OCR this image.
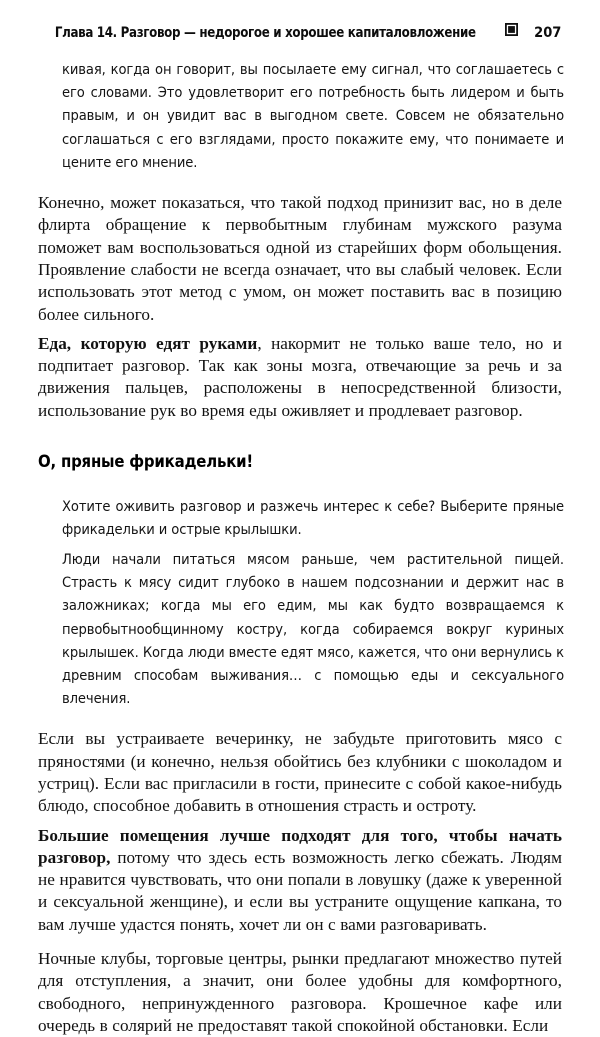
Глава 14. Разговор — недорогое и хорошее капиталовложение	207

кивая, когда он говорит, вы посылаете ему сигнал, что соглашаетесь с его словами. Это удовлетворит его потребность быть лидером и быть правым, и он увидит вас в выгодном свете. Совсем не обязательно соглашаться с его взглядами, просто покажите ему, что понимаете и цените его мнение.

Конечно, может показаться, что такой подход принизит вас, но в деле флирта обращение к первобытным глубинам мужского разума поможет вам воспользоваться одной из старейших форм обольщения. Проявление слабости не всегда означает, что вы слабый человек. Если использовать этот метод с умом, он может поставить вас в позицию более сильного.

Еда, которую едят руками, накормит не только ваше тело, но и подпитает разговор. Так как зоны мозга, отвечающие за речь и за движения пальцев, расположены в непосредственной близости, использование рук во время еды оживляет и продлевает разговор.

О, пряные фрикадельки!

Хотите оживить разговор и разжечь интерес к себе? Выберите пряные фрикадельки и острые крылышки.

Люди начали питаться мясом раньше, чем растительной пищей. Страсть к мясу сидит глубоко в нашем подсознании и держит нас в заложниках; когда мы его едим, мы как будто возвращаемся к первобытнообщинному костру, когда собираемся вокруг куриных крылышек. Когда люди вместе едят мясо, кажется, что они вернулись к древним способам выживания… с помощью еды и сексуального влечения.

Если вы устраиваете вечеринку, не забудьте приготовить мясо с пряностями (и конечно, нельзя обойтись без клубники с шоколадом и устриц). Если вас пригласили в гости, принесите с собой какое-нибудь блюдо, способное добавить в отношения страсть и остроту.

Большие помещения лучше подходят для того, чтобы начать разговор, потому что здесь есть возможность легко сбежать. Людям не нравится чувствовать, что они попали в ловушку (даже к уверенной и сексуальной женщине), и если вы устраните ощущение капкана, то вам лучше удастся понять, хочет ли он с вами разговаривать.

Ночные клубы, торговые центры, рынки предлагают множество путей для отступления, а значит, они более удобны для комфортного, свободного, непринужденного разговора. Крошечное кафе или очередь в солярий не предоставят такой спокойной обстановки. Если
